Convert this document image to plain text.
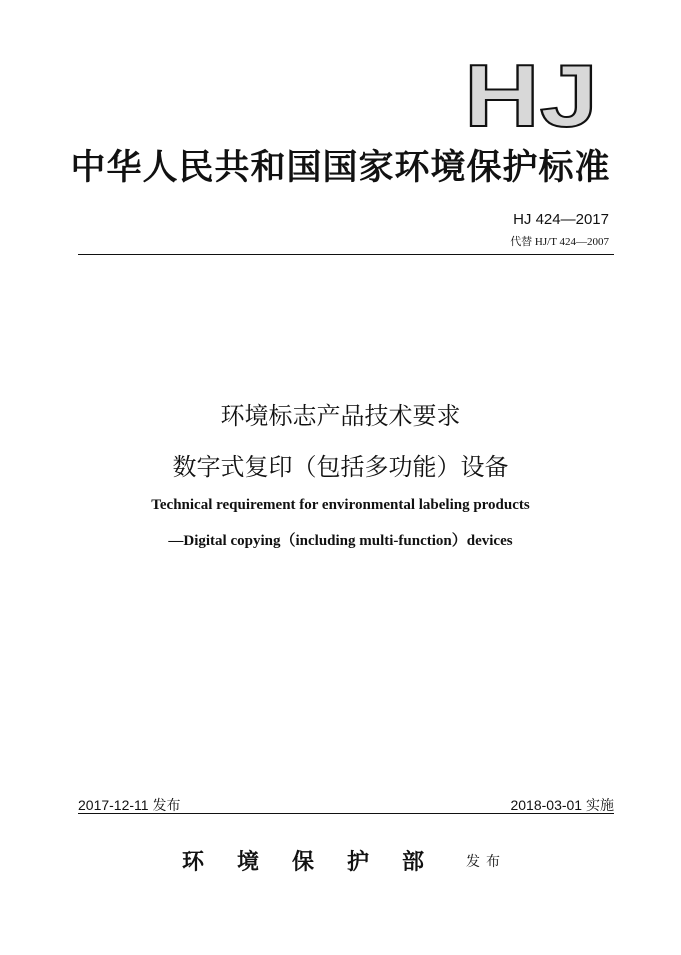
HJ
中华人民共和国国家环境保护标准
HJ 424—2017
代替 HJ/T 424—2007
环境标志产品技术要求
数字式复印（包括多功能）设备
Technical requirement for environmental labeling products
—Digital copying（including multi-function）devices
2017-12-11 发布	2018-03-01 实施
环境保护部 发布
